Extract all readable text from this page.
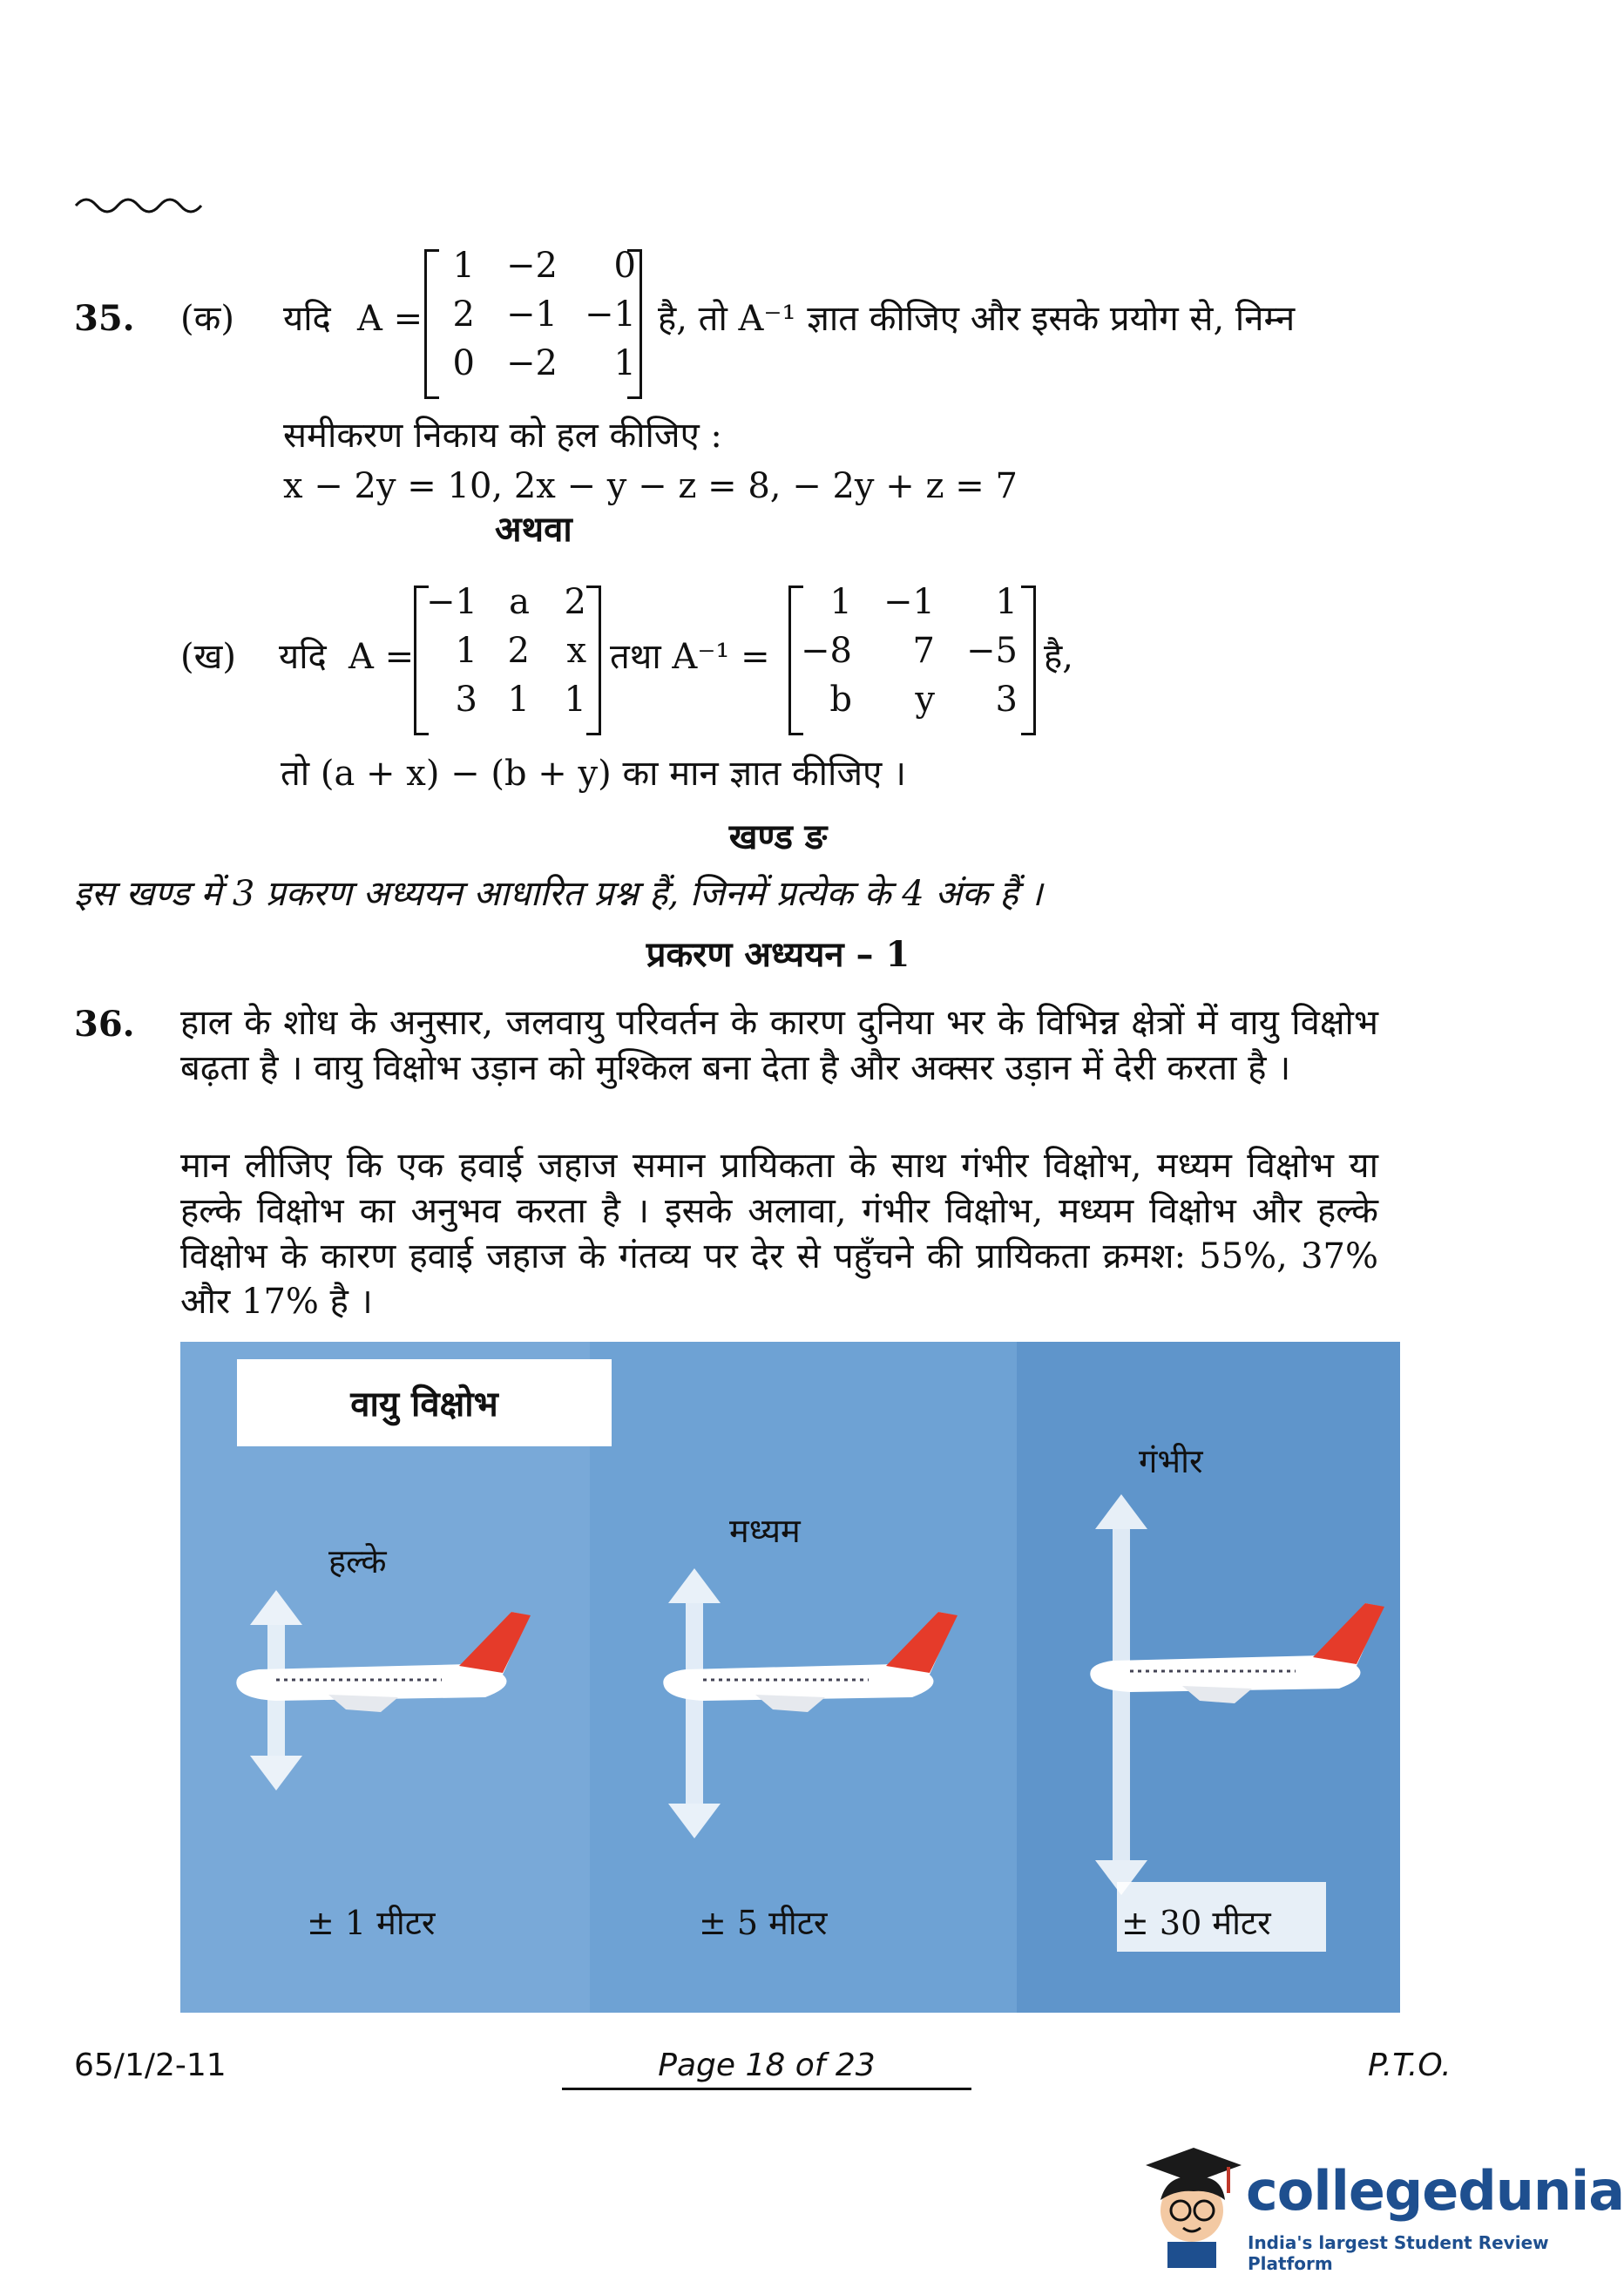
35. (क) यदि A =
1 −2	0
2 −1 −1
0 −2	1
है, तो A⁻¹ ज्ञात कीजिए और इसके प्रयोग से, निम्न
समीकरण निकाय को हल कीजिए :
x − 2y = 10, 2x − y − z = 8, − 2y + z = 7
अथवा
(ख) यदि A =
−1 a 2
1 2	x
3 1 1
तथा A⁻¹ =
1 −1	1
−8	7 −5
b	y	3
है,
तो (a + x) − (b + y) का मान ज्ञात कीजिए ।
खण्ड ङ
इस खण्ड में 3 प्रकरण अध्ययन आधारित प्रश्न हैं, जिनमें प्रत्येक के 4 अंक हैं ।
प्रकरण अध्ययन – 1
36. हाल के शोध के अनुसार, जलवायु परिवर्तन के कारण दुनिया भर के विभिन्न क्षेत्रों में वायु विक्षोभ बढ़ता है । वायु विक्षोभ उड़ान को मुश्किल बना देता है और अक्सर उड़ान में देरी करता है ।
मान लीजिए कि एक हवाई जहाज समान प्रायिकता के साथ गंभीर विक्षोभ, मध्यम विक्षोभ या हल्के विक्षोभ का अनुभव करता है । इसके अलावा, गंभीर विक्षोभ, मध्यम विक्षोभ और हल्के विक्षोभ के कारण हवाई जहाज के गंतव्य पर देर से पहुँचने की प्रायिकता क्रमश: 55%, 37% और 17% है ।
वायु विक्षोभ
हल्के
± 1 मीटर
मध्यम
± 5 मीटर
गंभीर
± 30 मीटर
65/1/2-11	Page 18 of 23	P.T.O.
collegedunia
India's largest Student Review Platform
